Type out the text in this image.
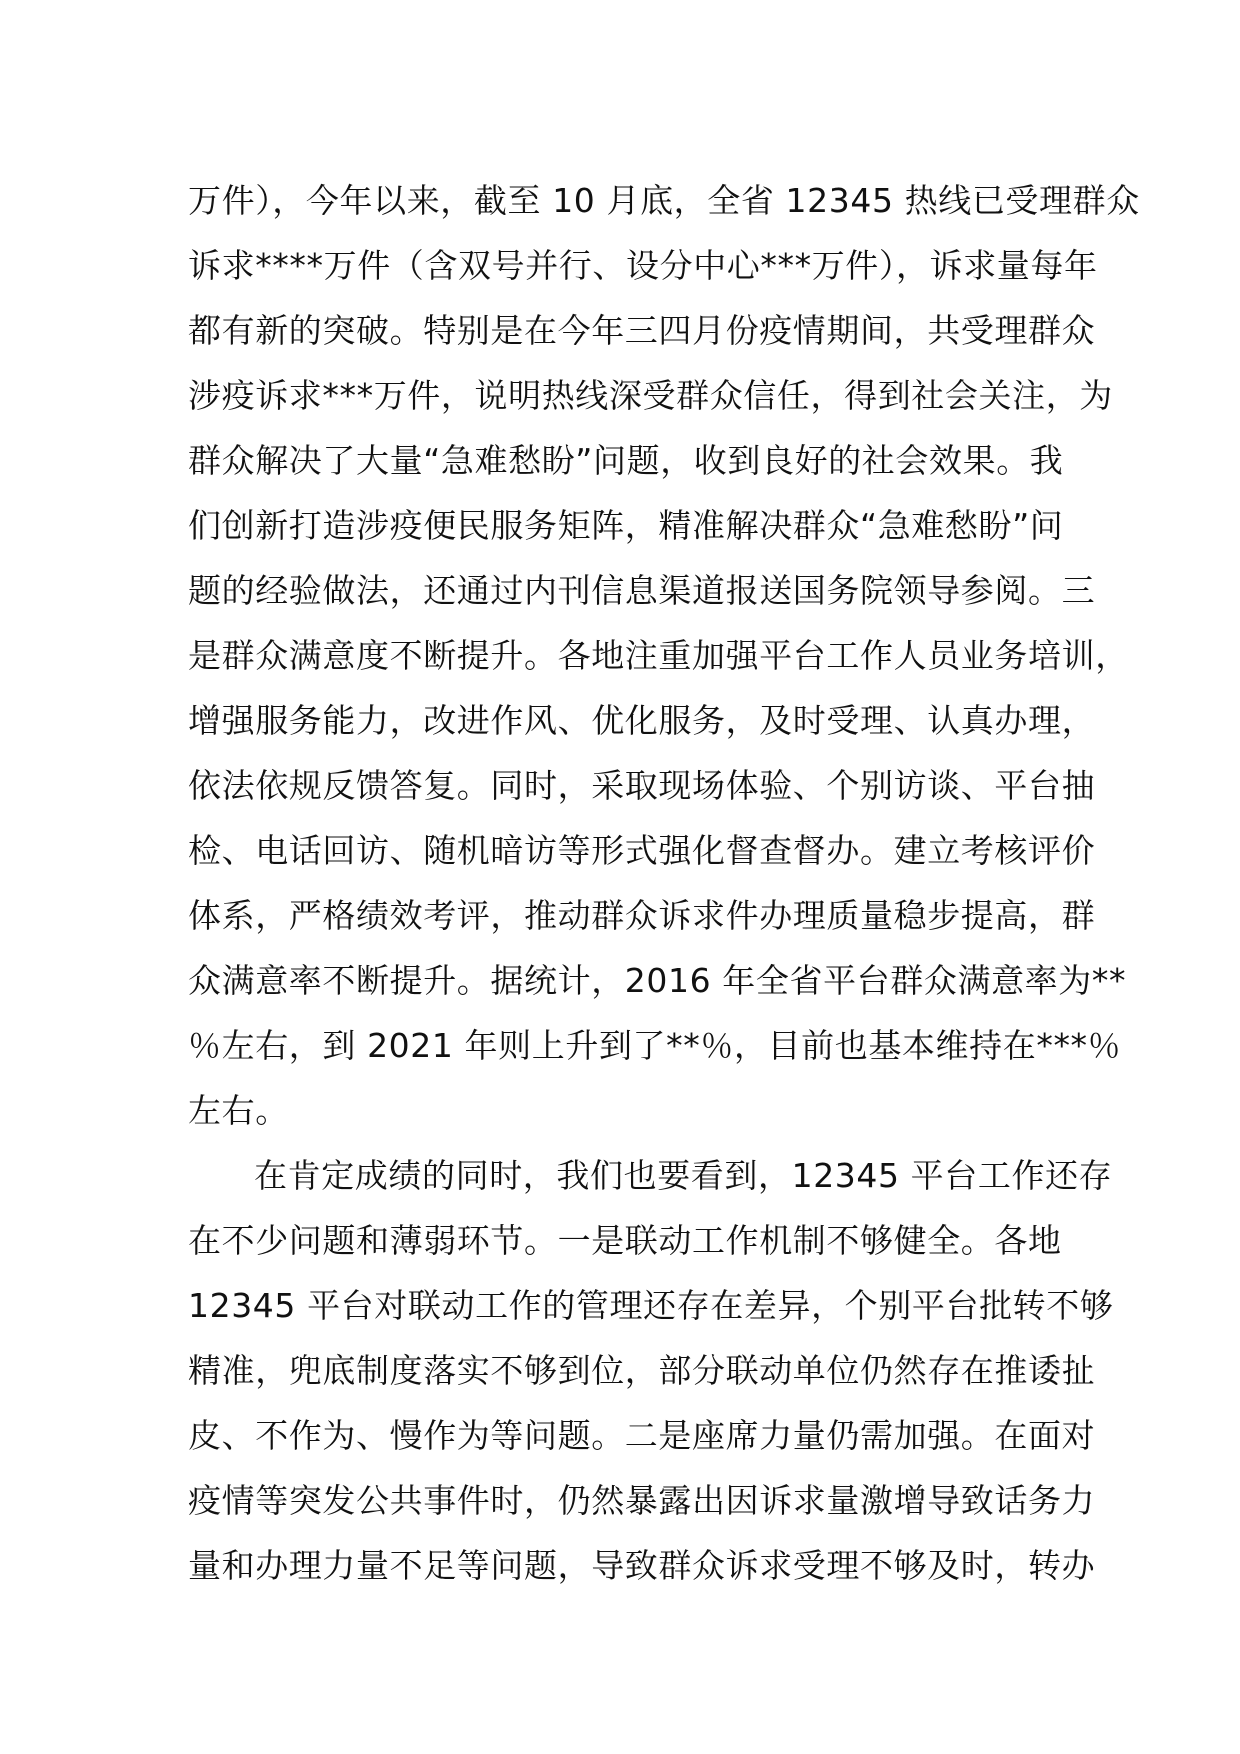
万件），今年以来，截至 10 月底，全省 12345 热线已受理群众
诉求****万件（含双号并行、设分中心***万件），诉求量每年
都有新的突破。特别是在今年三四月份疫情期间，共受理群众
涉疫诉求***万件，说明热线深受群众信任，得到社会关注，为
群众解决了大量“急难愁盼”问题，收到良好的社会效果。我
们创新打造涉疫便民服务矩阵，精准解决群众“急难愁盼”问
题的经验做法，还通过内刊信息渠道报送国务院领导参阅。三
是群众满意度不断提升。各地注重加强平台工作人员业务培训，
增强服务能力，改进作风、优化服务，及时受理、认真办理，
依法依规反馈答复。同时，采取现场体验、个别访谈、平台抽
检、电话回访、随机暗访等形式强化督查督办。建立考核评价
体系，严格绩效考评，推动群众诉求件办理质量稳步提高，群
众满意率不断提升。据统计，2016 年全省平台群众满意率为**
％左右，到 2021 年则上升到了**％，目前也基本维持在***％
左右。
在肯定成绩的同时，我们也要看到，12345 平台工作还存
在不少问题和薄弱环节。一是联动工作机制不够健全。各地
12345 平台对联动工作的管理还存在差异，个别平台批转不够
精准，兜底制度落实不够到位，部分联动单位仍然存在推诿扯
皮、不作为、慢作为等问题。二是座席力量仍需加强。在面对
疫情等突发公共事件时，仍然暴露出因诉求量激增导致话务力
量和办理力量不足等问题，导致群众诉求受理不够及时，转办
